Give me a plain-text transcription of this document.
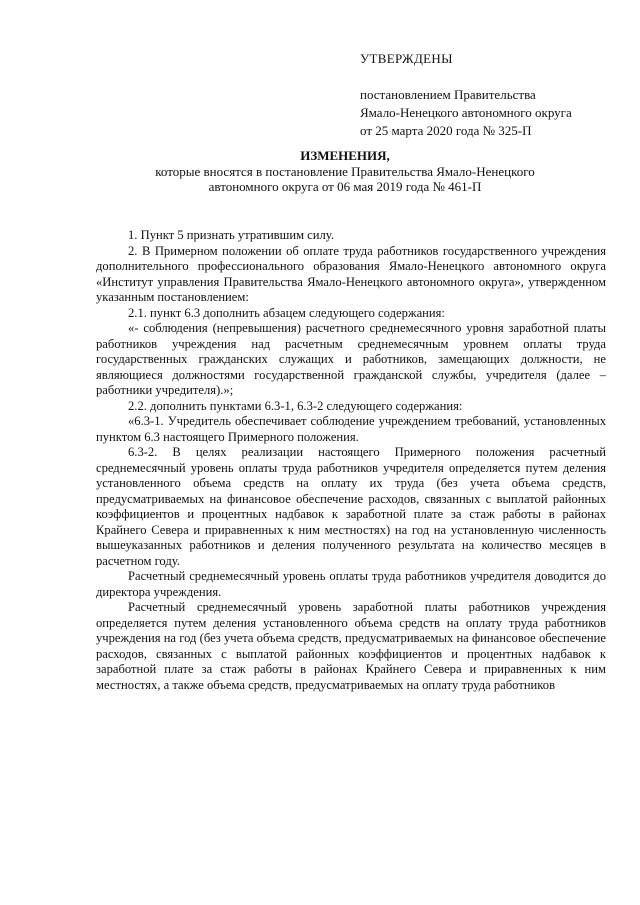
УТВЕРЖДЕНЫ
постановлением Правительства
Ямало-Ненецкого автономного округа
от 25 марта 2020 года № 325-П
ИЗМЕНЕНИЯ,
которые вносятся в постановление Правительства Ямало-Ненецкого
автономного округа от 06 мая 2019 года № 461-П

1. Пункт 5 признать утратившим силу.

2. В Примерном положении об оплате труда работников государственного учреждения дополнительного профессионального образования Ямало-Ненецкого автономного округа «Институт управления Правительства Ямало-Ненецкого автономного округа», утвержденном указанным постановлением:

2.1. пункт 6.3 дополнить абзацем следующего содержания:

«- соблюдения (непревышения) расчетного среднемесячного уровня заработной платы работников учреждения над расчетным среднемесячным уровнем оплаты труда государственных гражданских служащих и работников, замещающих должности, не являющиеся должностями государственной гражданской службы, учредителя (далее – работники учредителя).»;

2.2. дополнить пунктами 6.3-1, 6.3-2 следующего содержания:

«6.3-1. Учредитель обеспечивает соблюдение учреждением требований, установленных пунктом 6.3 настоящего Примерного положения.

6.3-2. В целях реализации настоящего Примерного положения расчетный среднемесячный уровень оплаты труда работников учредителя определяется путем деления установленного объема средств на оплату их труда (без учета объема средств, предусматриваемых на финансовое обеспечение расходов, связанных с выплатой районных коэффициентов и процентных надбавок к заработной плате за стаж работы в районах Крайнего Севера и приравненных к ним местностях) на год на установленную численность вышеуказанных работников и деления полученного результата на количество месяцев в расчетном году.

Расчетный среднемесячный уровень оплаты труда работников учредителя доводится до директора учреждения.

Расчетный среднемесячный уровень заработной платы работников учреждения определяется путем деления установленного объема средств на оплату труда работников учреждения на год (без учета объема средств, предусматриваемых на финансовое обеспечение расходов, связанных с выплатой районных коэффициентов и процентных надбавок к заработной плате за стаж работы в районах Крайнего Севера и приравненных к ним местностях, а также объема средств, предусматриваемых на оплату труда работников
